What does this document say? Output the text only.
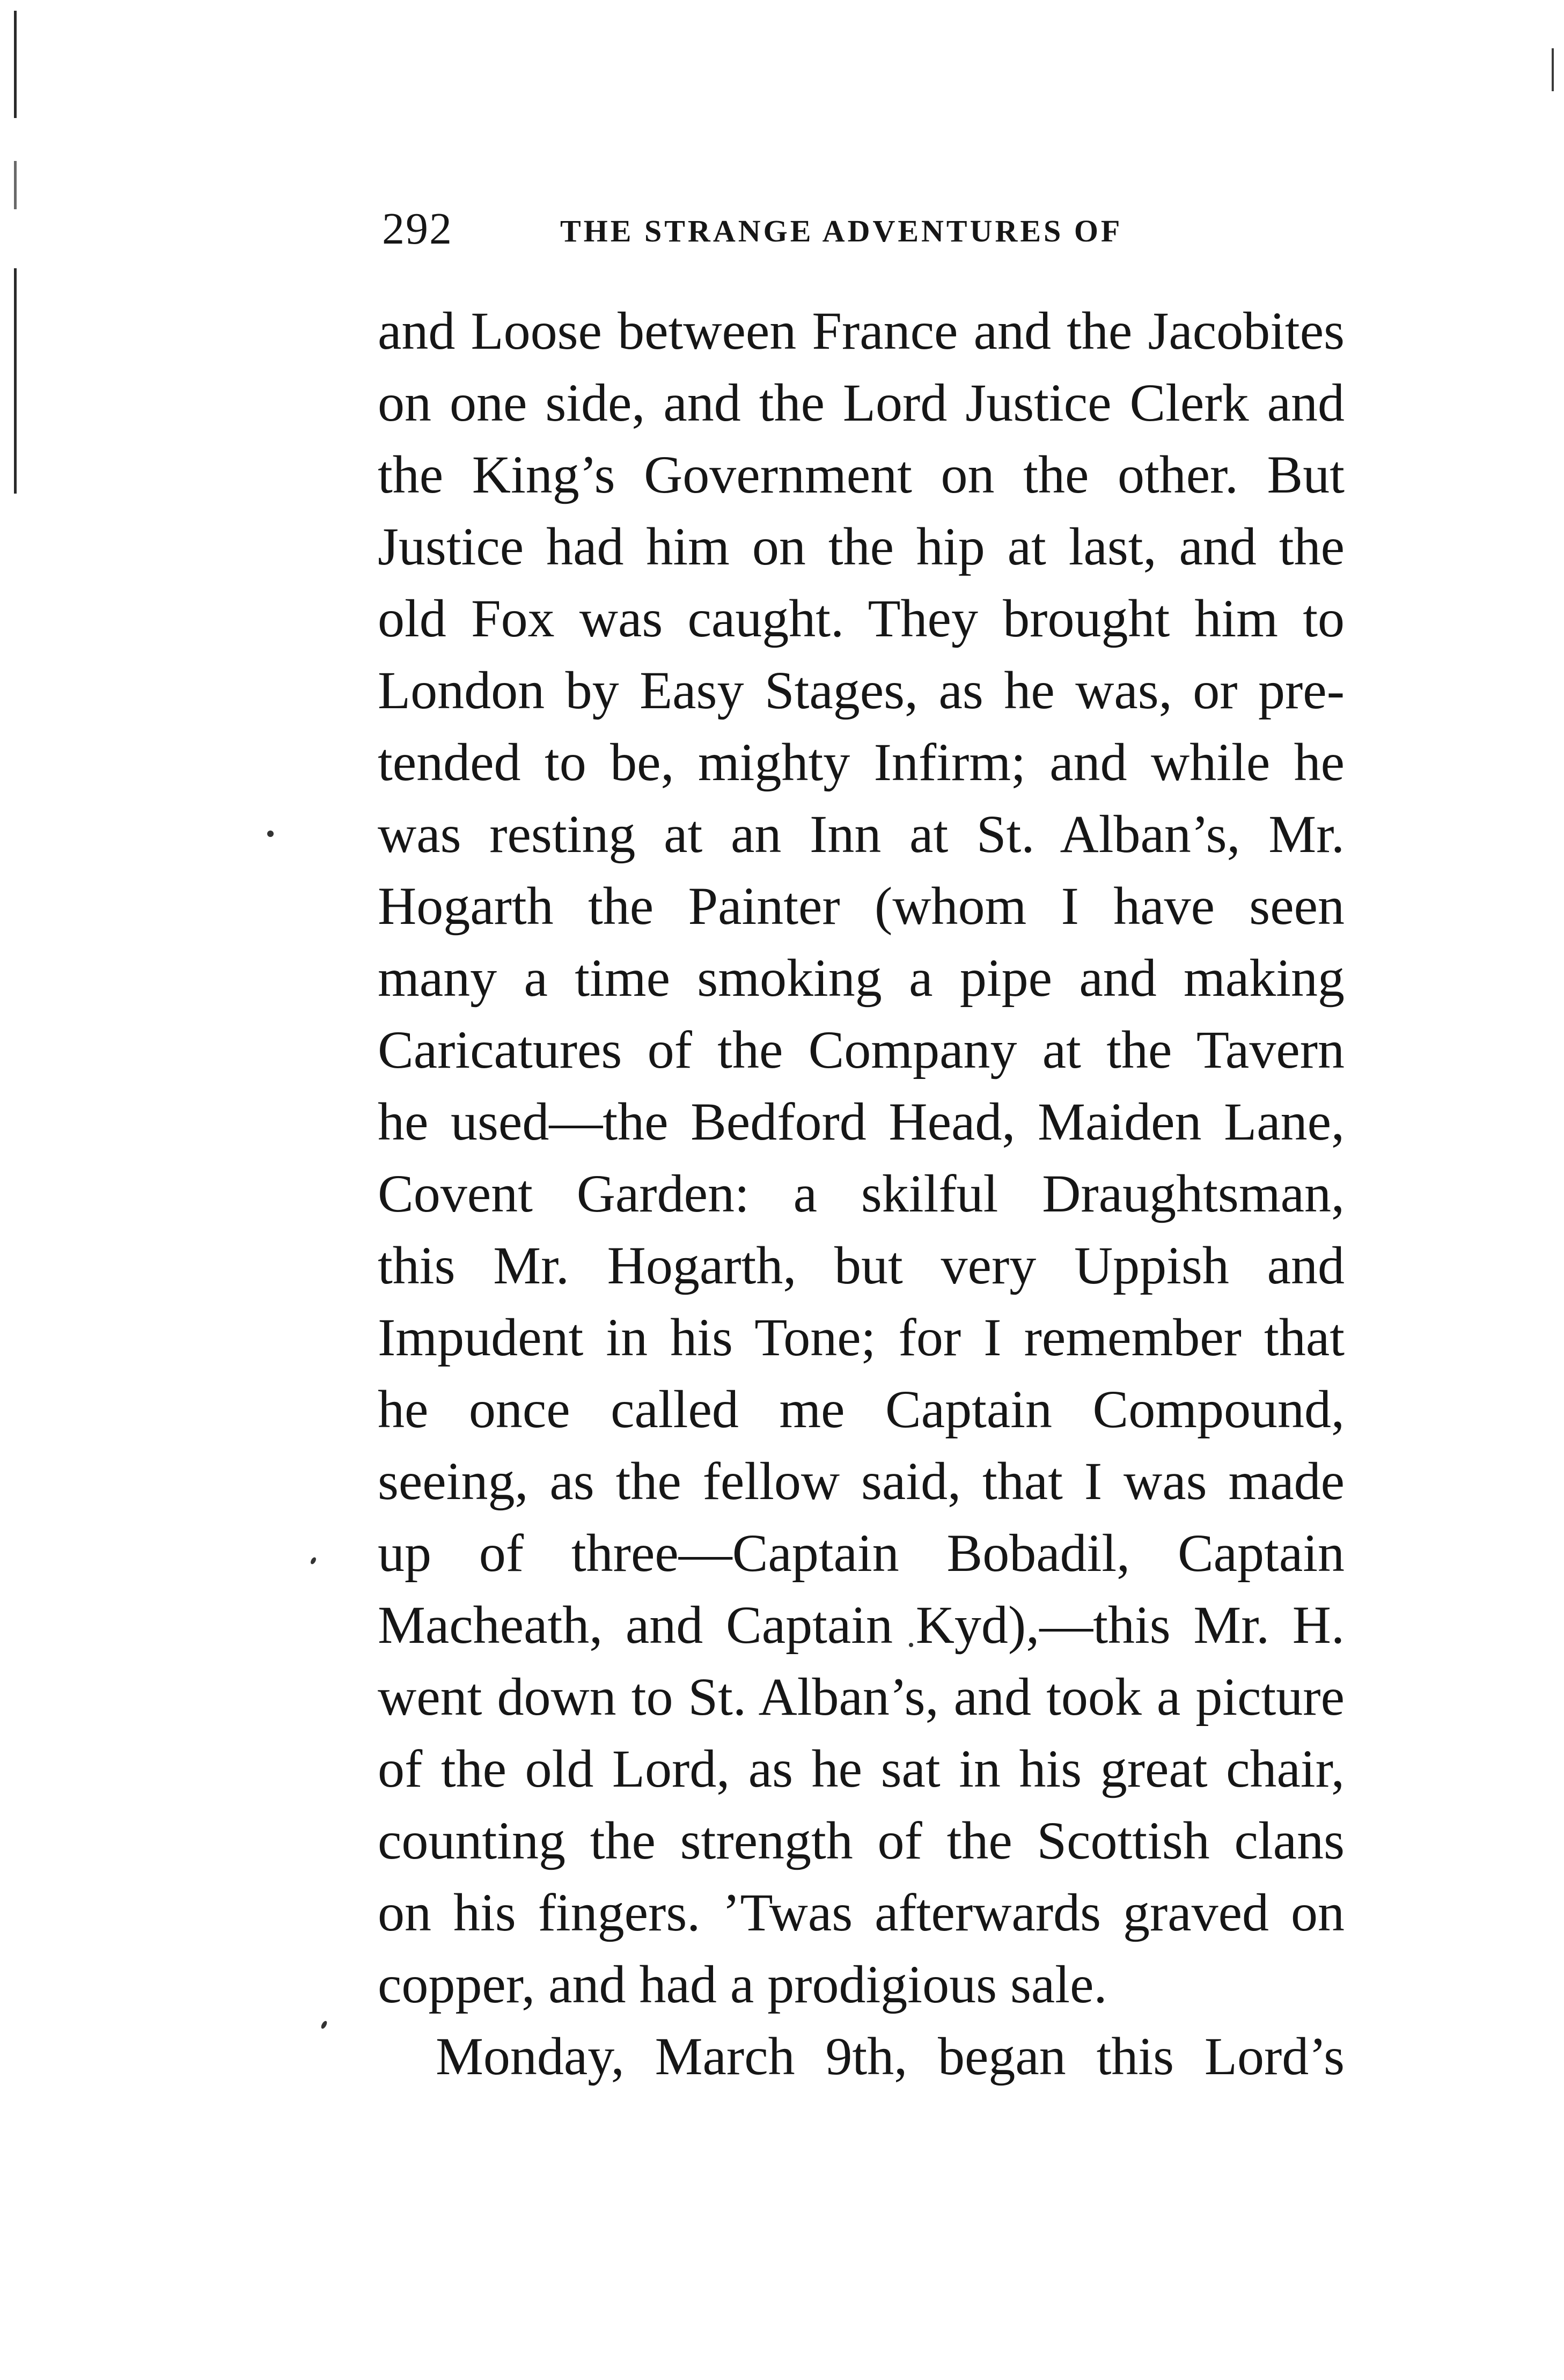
292	THE STRANGE ADVENTURES OF
and Loose between France and the Jacobites
on one side, and the Lord Justice Clerk and
the King’s Government on the other. But
Justice had him on the hip at last, and the
old Fox was caught. They brought him to
London by Easy Stages, as he was, or pre-
tended to be, mighty Infirm; and while he
was resting at an Inn at St. Alban’s, Mr.
Hogarth the Painter (whom I have seen
many a time smoking a pipe and making
Caricatures of the Company at the Tavern
he used—the Bedford Head, Maiden Lane,
Covent Garden: a skilful Draughtsman,
this Mr. Hogarth, but very Uppish and
Impudent in his Tone; for I remember that
he once called me Captain Compound,
seeing, as the fellow said, that I was made
up of three—Captain Bobadil, Captain
Macheath, and Captain Kyd),—this Mr. H.
went down to St. Alban’s, and took a picture
of the old Lord, as he sat in his great chair,
counting the strength of the Scottish clans
on his fingers. ’Twas afterwards graved on
copper, and had a prodigious sale.
Monday, March 9th, began this Lord’s
